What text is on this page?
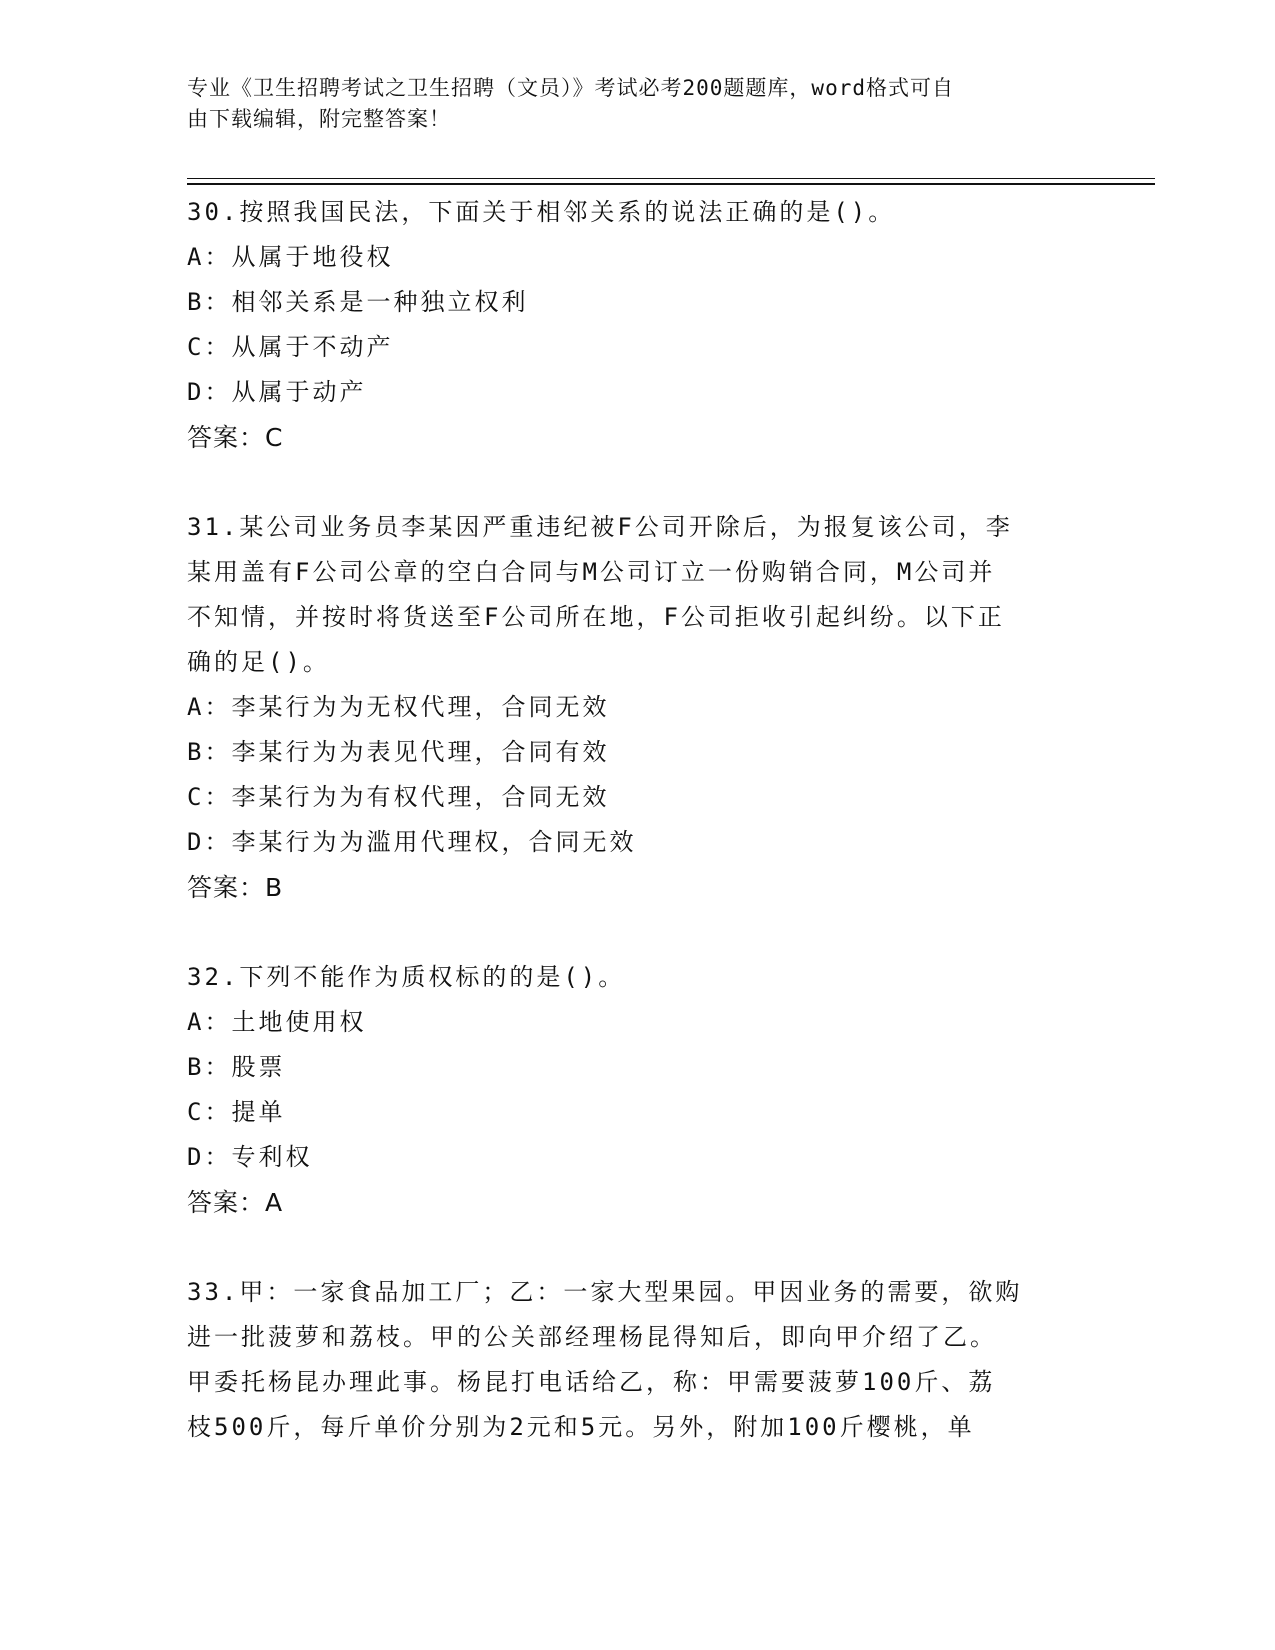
专业《卫生招聘考试之卫生招聘（文员）》考试必考200题题库，word格式可自
由下载编辑，附完整答案！

30.按照我国民法，下面关于相邻关系的说法正确的是()。

A：从属于地役权

B：相邻关系是一种独立权利

C：从属于不动产

D：从属于动产

答案：C

31.某公司业务员李某因严重违纪被F公司开除后，为报复该公司，李

某用盖有F公司公章的空白合同与M公司订立一份购销合同，M公司并

不知情，并按时将货送至F公司所在地，F公司拒收引起纠纷。以下正

确的足()。

A：李某行为为无权代理，合同无效

B：李某行为为表见代理，合同有效

C：李某行为为有权代理，合同无效

D：李某行为为滥用代理权，合同无效

答案：B

32.下列不能作为质权标的的是()。

A：土地使用权

B：股票

C：提单

D：专利权

答案：A

33.甲：一家食品加工厂；乙：一家大型果园。甲因业务的需要，欲购

进一批菠萝和荔枝。甲的公关部经理杨昆得知后，即向甲介绍了乙。

甲委托杨昆办理此事。杨昆打电话给乙，称：甲需要菠萝100斤、荔

枝500斤，每斤单价分别为2元和5元。另外，附加100斤樱桃，单
